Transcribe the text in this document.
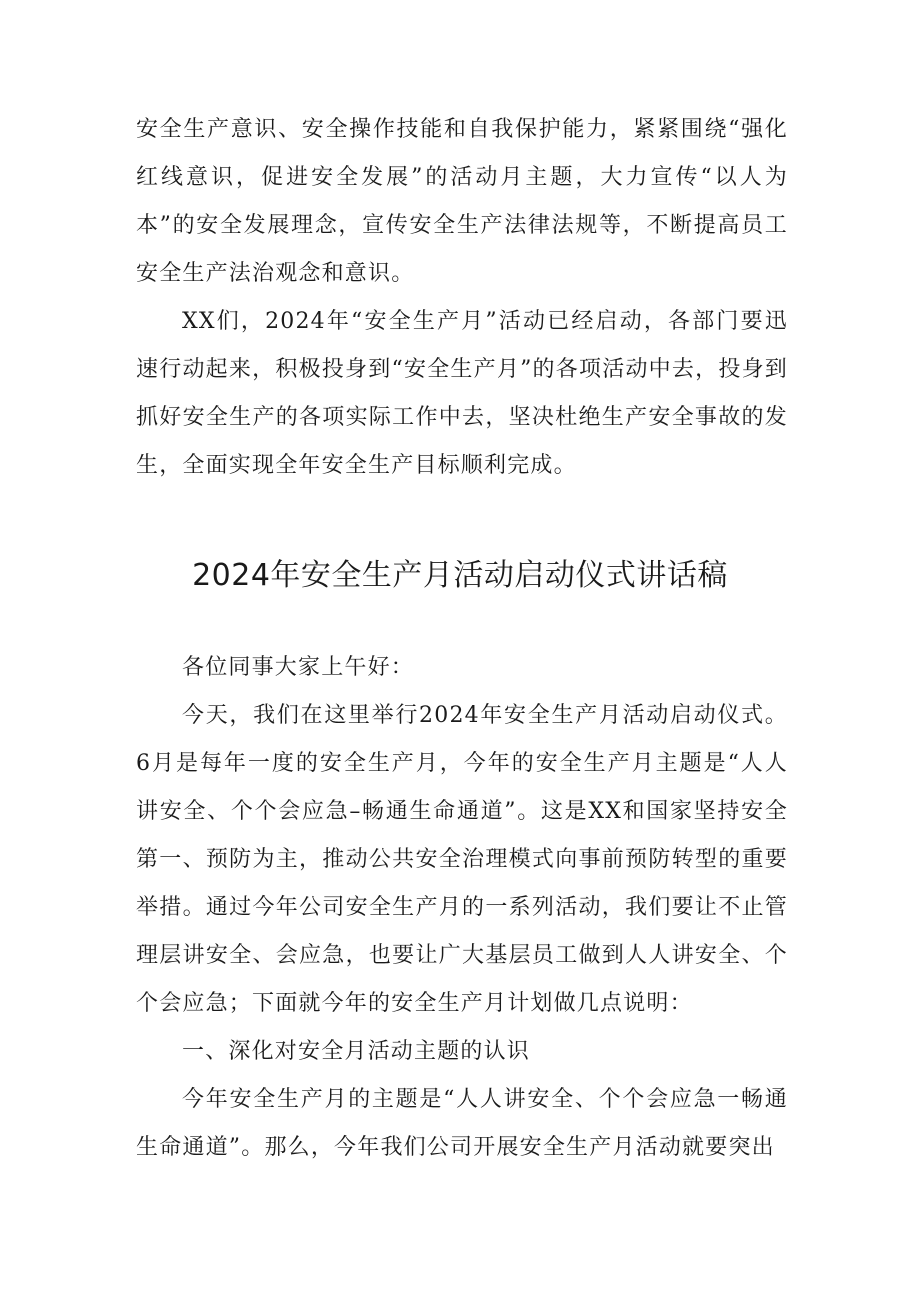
安全生产意识、安全操作技能和自我保护能力，紧紧围绕“强化红线意识，促进安全发展”的活动月主题，大力宣传“以人为本”的安全发展理念，宣传安全生产法律法规等，不断提高员工安全生产法治观念和意识。

XX们，2024年“安全生产月”活动已经启动，各部门要迅速行动起来，积极投身到“安全生产月”的各项活动中去，投身到抓好安全生产的各项实际工作中去，坚决杜绝生产安全事故的发生，全面实现全年安全生产目标顺利完成。

2024年安全生产月活动启动仪式讲话稿

各位同事大家上午好：

今天，我们在这里举行2024年安全生产月活动启动仪式。6月是每年一度的安全生产月，今年的安全生产月主题是“人人讲安全、个个会应急–畅通生命通道”。这是XX和国家坚持安全第一、预防为主，推动公共安全治理模式向事前预防转型的重要举措。通过今年公司安全生产月的一系列活动，我们要让不止管理层讲安全、会应急，也要让广大基层员工做到人人讲安全、个个会应急；下面就今年的安全生产月计划做几点说明：

一、深化对安全月活动主题的认识

今年安全生产月的主题是“人人讲安全、个个会应急一畅通生命通道”。那么，今年我们公司开展安全生产月活动就要突出
